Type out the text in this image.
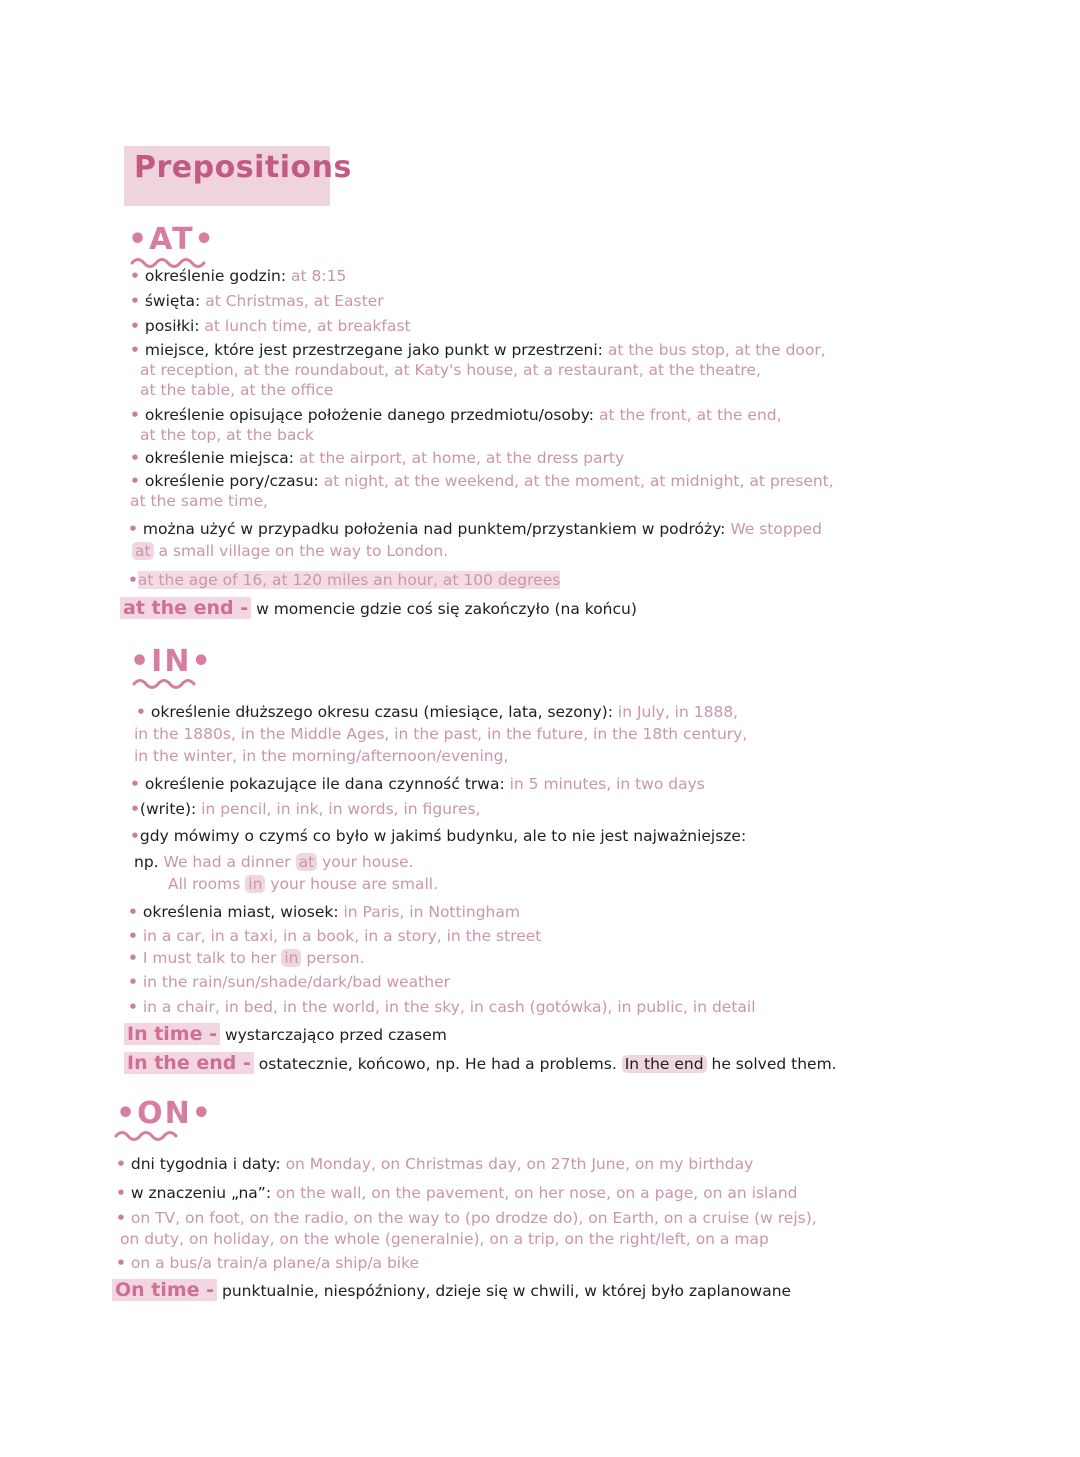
Prepositions
•AT•
• określenie godzin: at 8:15
• święta: at Christmas, at Easter
• posiłki: at lunch time, at breakfast
• miejsce, które jest przestrzegane jako punkt w przestrzeni: at the bus stop, at the door,
at reception, at the roundabout, at Katy's house, at a restaurant, at the theatre,
at the table, at the office
• określenie opisujące położenie danego przedmiotu/osoby: at the front, at the end,
at the top, at the back
• określenie miejsca: at the airport, at home, at the dress party
• określenie pory/czasu: at night, at the weekend, at the moment, at midnight, at present,
at the same time,
• można użyć w przypadku położenia nad punktem/przystankiem w podróży: We stopped
at a small village on the way to London.
•at the age of 16, at 120 miles an hour, at 100 degrees
at the end - w momencie gdzie coś się zakończyło (na końcu)
•IN•
• określenie dłuższego okresu czasu (miesiące, lata, sezony): in July, in 1888,
in the 1880s, in the Middle Ages, in the past, in the future, in the 18th century,
in the winter, in the morning/afternoon/evening,
• określenie pokazujące ile dana czynność trwa: in 5 minutes, in two days
•(write): in pencil, in ink, in words, in figures,
•gdy mówimy o czymś co było w jakimś budynku, ale to nie jest najważniejsze:
np. We had a dinner at your house.
All rooms in your house are small.
• określenia miast, wiosek: in Paris, in Nottingham
• in a car, in a taxi, in a book, in a story, in the street
• I must talk to her in person.
• in the rain/sun/shade/dark/bad weather
• in a chair, in bed, in the world, in the sky, in cash (gotówka), in public, in detail
In time - wystarczająco przed czasem
In the end - ostatecznie, końcowo, np. He had a problems. In the end he solved them.
•ON•
• dni tygodnia i daty: on Monday, on Christmas day, on 27th June, on my birthday
• w znaczeniu „na”: on the wall, on the pavement, on her nose, on a page, on an island
• on TV, on foot, on the radio, on the way to (po drodze do), on Earth, on a cruise (w rejs),
on duty, on holiday, on the whole (generalnie), on a trip, on the right/left, on a map
• on a bus/a train/a plane/a ship/a bike
On time - punktualnie, niespóźniony, dzieje się w chwili, w której było zaplanowane
